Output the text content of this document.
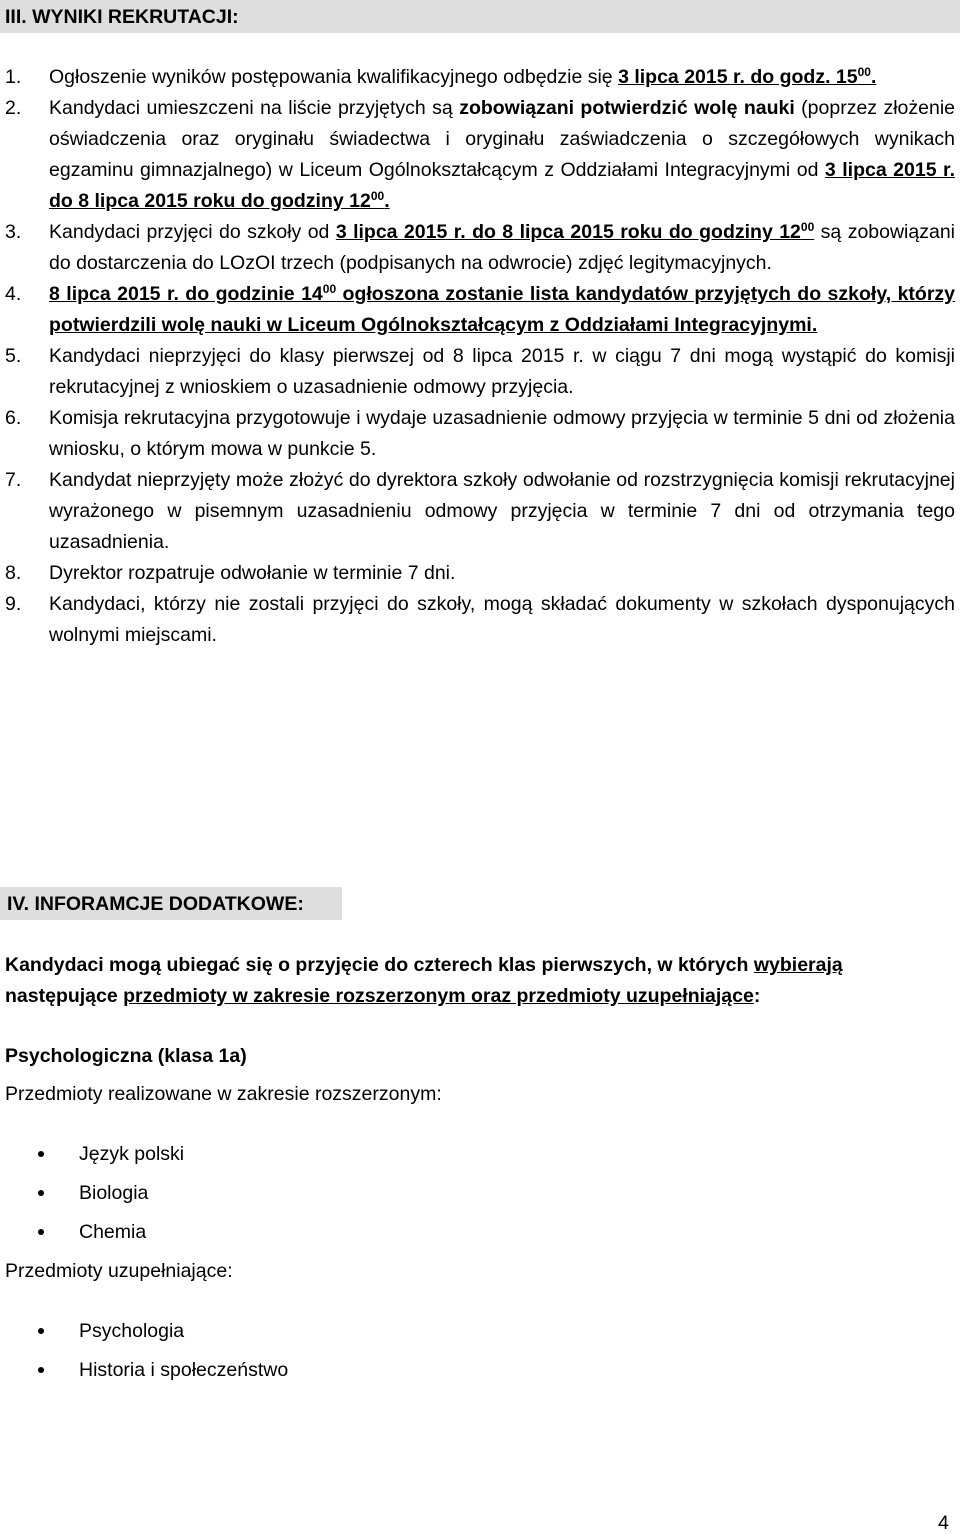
III. WYNIKI REKRUTACJI:
1.	Ogłoszenie wyników postępowania kwalifikacyjnego odbędzie się 3 lipca 2015 r. do godz. $15^{00}$.
2.	Kandydaci umieszczeni na liście przyjętych są zobowiązani potwierdzić wolę nauki (poprzez złożenie oświadczenia oraz oryginału świadectwa i oryginału zaświadczenia o szczegółowych wynikach egzaminu gimnazjalnego) w Liceum Ogólnokształcącym z Oddziałami Integracyjnymi od 3 lipca 2015 r. do 8 lipca 2015 roku do godziny $12^{00}$.
3.	Kandydaci przyjęci do szkoły od 3 lipca 2015 r. do 8 lipca 2015 roku do godziny $12^{00}$ są zobowiązani do dostarczenia do LOzOI trzech (podpisanych na odwrocie) zdjęć legitymacyjnych.
4.	8 lipca 2015 r. do godzinie $14^{00}$ ogłoszona zostanie lista kandydatów przyjętych do szkoły, którzy potwierdzili wolę nauki w Liceum Ogólnokształcącym z Oddziałami Integracyjnymi.
5.	Kandydaci nieprzyjęci do klasy pierwszej od 8 lipca 2015 r. w ciągu 7 dni mogą wystąpić do komisji rekrutacyjnej z wnioskiem o uzasadnienie odmowy przyjęcia.
6.	Komisja rekrutacyjna przygotowuje i wydaje uzasadnienie odmowy przyjęcia w terminie 5 dni od złożenia wniosku, o którym mowa w punkcie 5.
7.	Kandydat nieprzyjęty może złożyć do dyrektora szkoły odwołanie od rozstrzygnięcia komisji rekrutacyjnej wyrażonego w pisemnym uzasadnieniu odmowy przyjęcia w terminie 7 dni od otrzymania tego uzasadnienia.
8.	Dyrektor rozpatruje odwołanie w terminie 7 dni.
9.	Kandydaci, którzy nie zostali przyjęci do szkoły, mogą składać dokumenty w szkołach dysponujących wolnymi miejscami.
IV. INFORAMCJE DODATKOWE:
Kandydaci mogą ubiegać się o przyjęcie do czterech klas pierwszych, w których wybierają następujące przedmioty w zakresie rozszerzonym oraz przedmioty uzupełniające:
Psychologiczna (klasa 1a)
Przedmioty realizowane w zakresie rozszerzonym:
Język polski
Biologia
Chemia
Przedmioty uzupełniające:
Psychologia
Historia i społeczeństwo
4
